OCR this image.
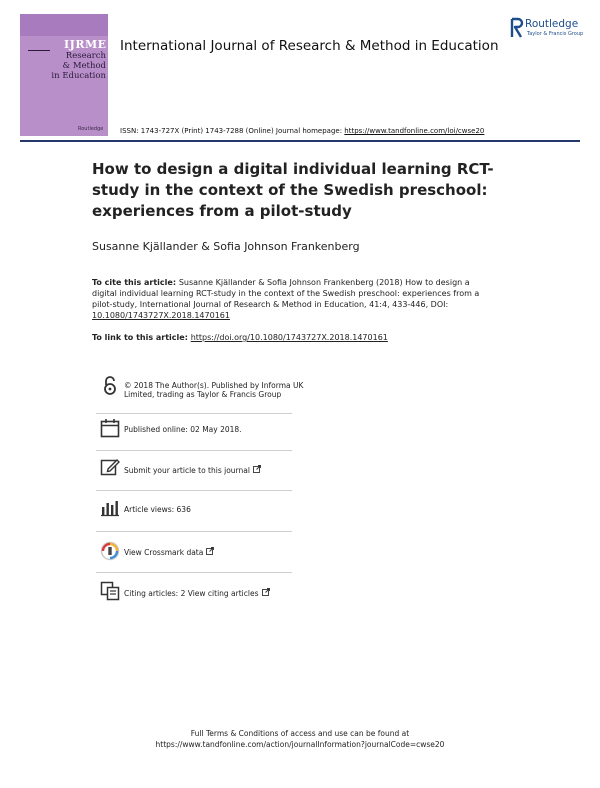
IJRME
Research
& Method
in Education
Routledge
International Journal of Research & Method in Education
Routledge
Taylor & Francis Group
ISSN: 1743-727X (Print) 1743-7288 (Online) Journal homepage: https://www.tandfonline.com/loi/cwse20
How to design a digital individual learning RCT-study in the context of the Swedish preschool: experiences from a pilot-study
Susanne Kjällander & Sofia Johnson Frankenberg
To cite this article: Susanne Kjällander & Sofia Johnson Frankenberg (2018) How to design a digital individual learning RCT-study in the context of the Swedish preschool: experiences from a pilot-study, International Journal of Research & Method in Education, 41:4, 433-446, DOI: 10.1080/1743727X.2018.1470161
To link to this article: https://doi.org/10.1080/1743727X.2018.1470161
© 2018 The Author(s). Published by Informa UK Limited, trading as Taylor & Francis Group
Published online: 02 May 2018.
Submit your article to this journal
Article views: 636
View Crossmark data
Citing articles: 2 View citing articles
Full Terms & Conditions of access and use can be found at
https://www.tandfonline.com/action/journalInformation?journalCode=cwse20
